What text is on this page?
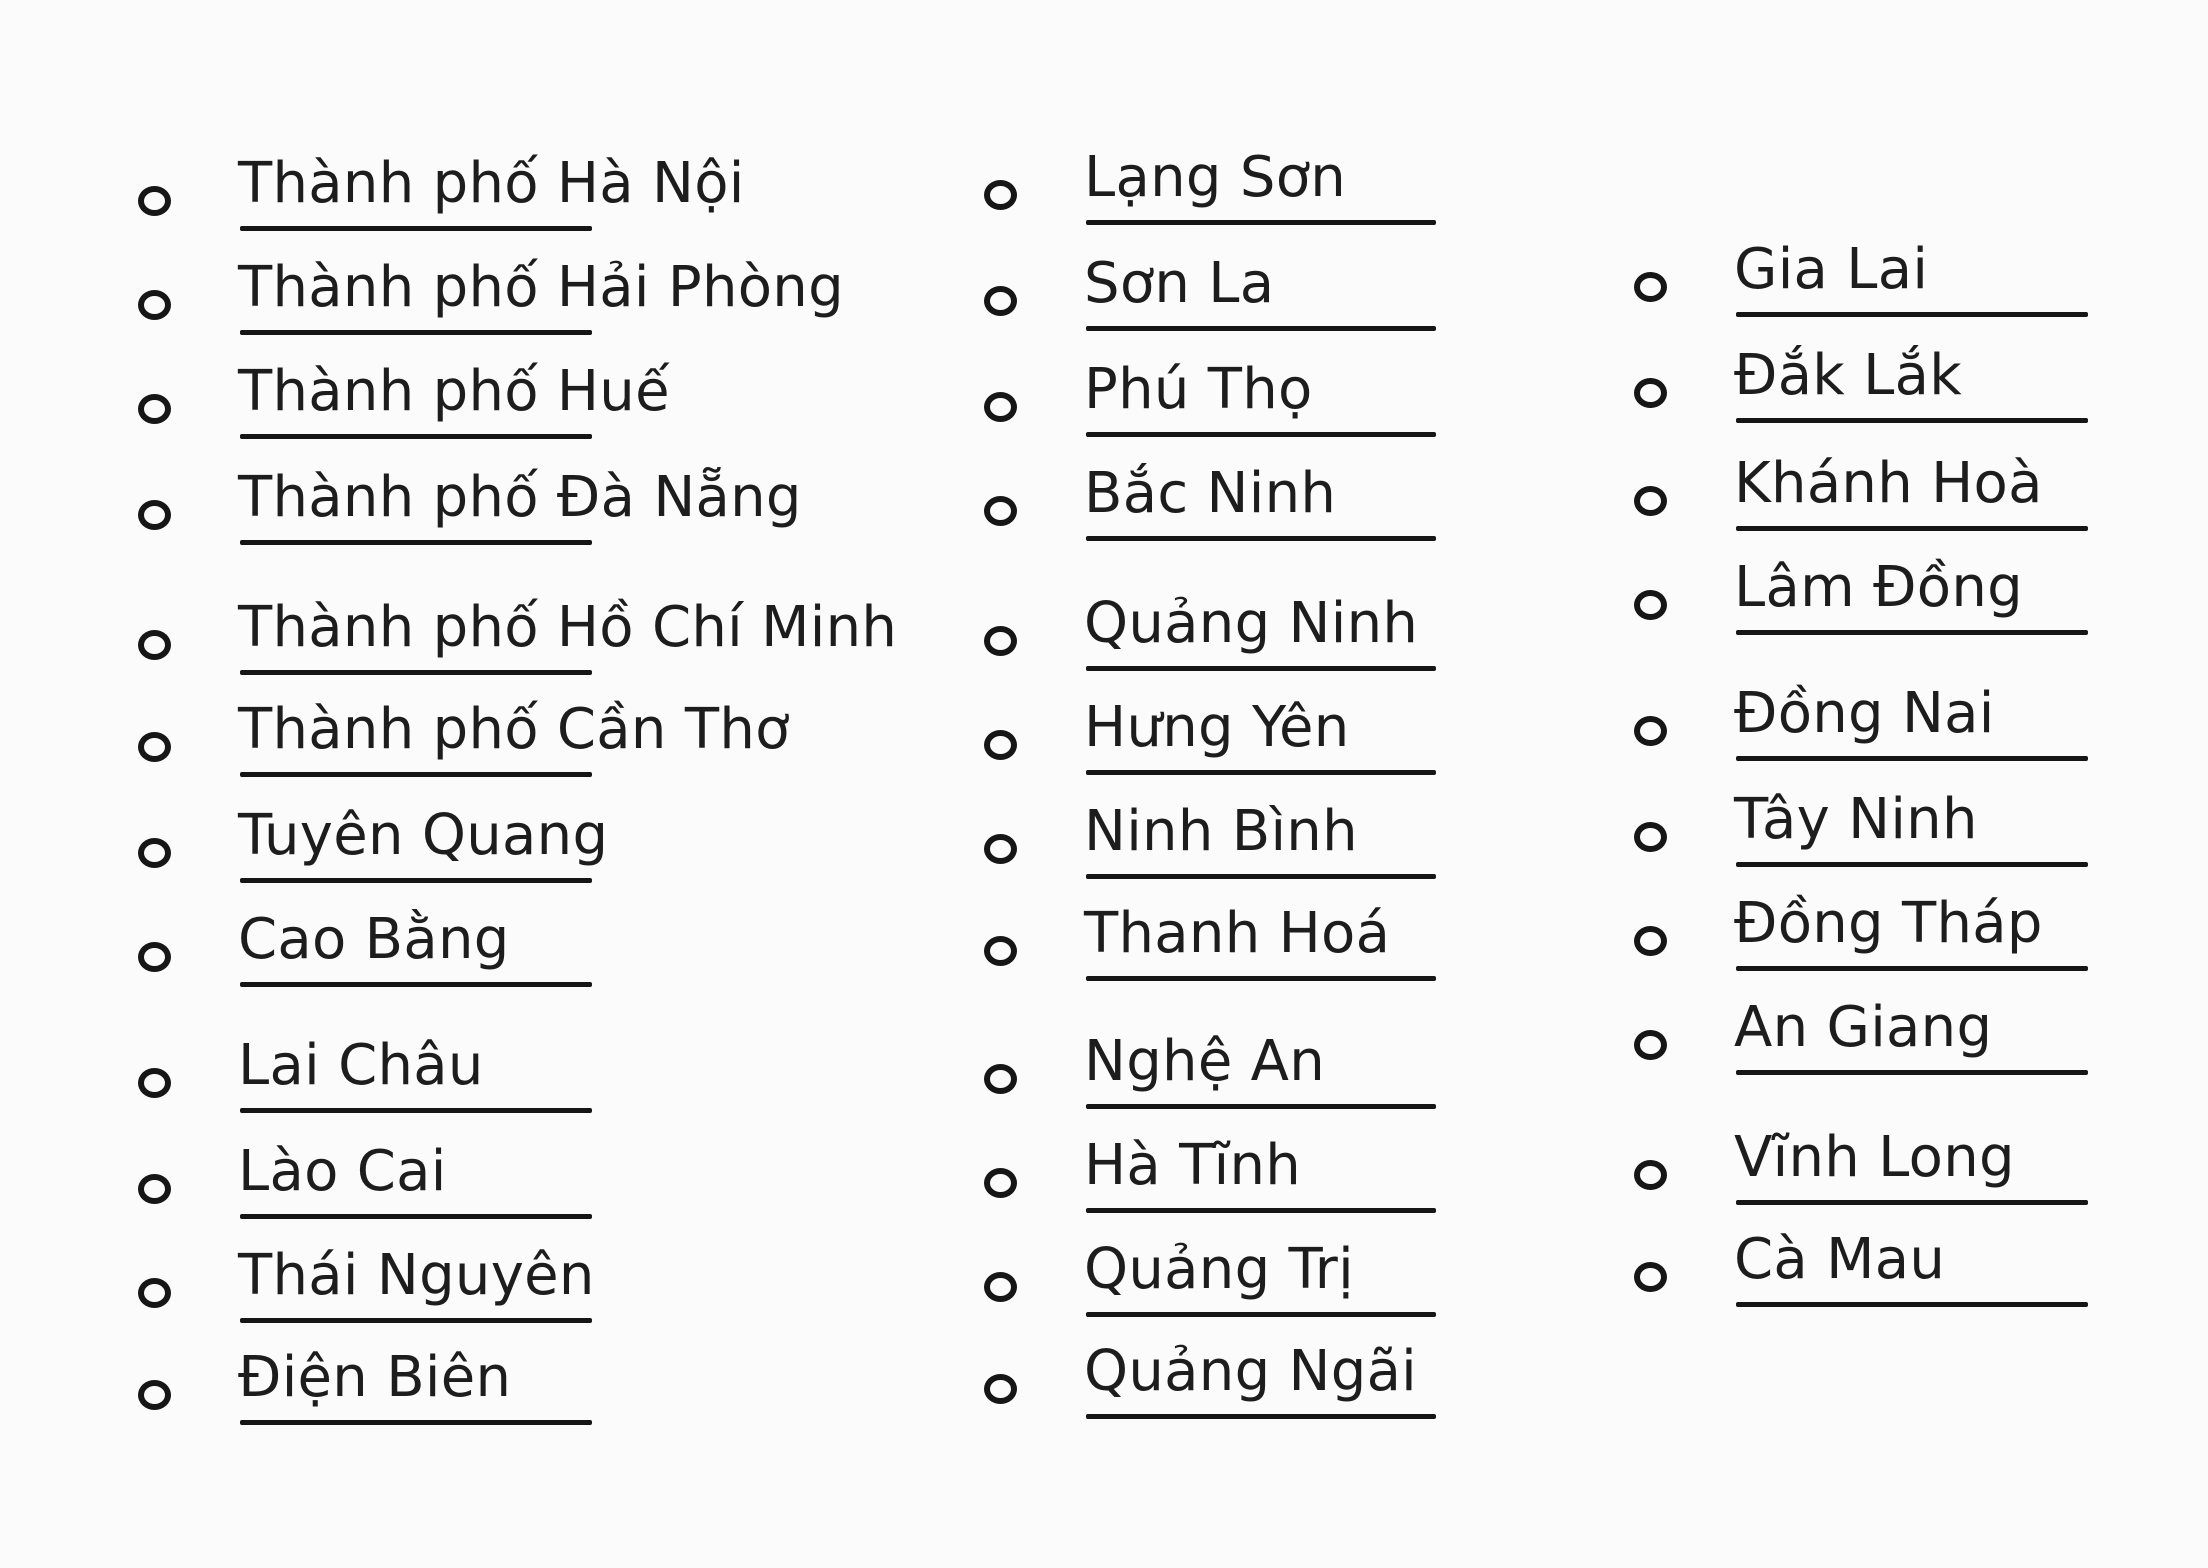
Thành phố Hà Nội
Thành phố Hải Phòng
Thành phố Huế
Thành phố Đà Nẵng
Thành phố Hồ Chí Minh
Thành phố Cần Thơ
Tuyên Quang
Cao Bằng
Lai Châu
Lào Cai
Thái Nguyên
Điện Biên
Lạng Sơn
Sơn La
Phú Thọ
Bắc Ninh
Quảng Ninh
Hưng Yên
Ninh Bình
Thanh Hoá
Nghệ An
Hà Tĩnh
Quảng Trị
Quảng Ngãi
Gia Lai
Đắk Lắk
Khánh Hoà
Lâm Đồng
Đồng Nai
Tây Ninh
Đồng Tháp
An Giang
Vĩnh Long
Cà Mau
